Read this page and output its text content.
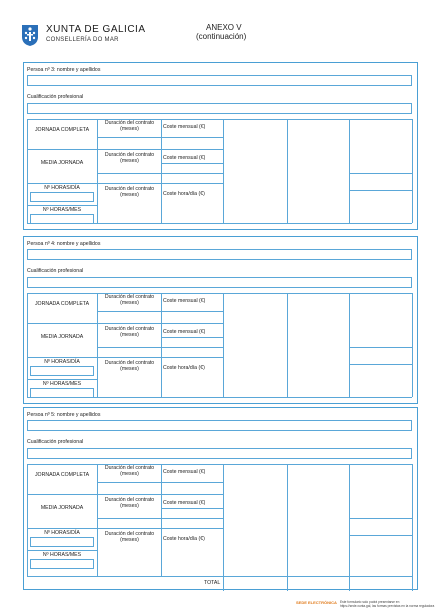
XUNTA DE GALICIA
CONSELLERÍA DO MAR
ANEXO V
(continuación)
Persoa nº 3: nombre y apellidos
Cualificación profesional
JORNADA COMPLETA
MEDIA JORNADA
Nº HORAS/DÍA
Nº HORAS/MES
Duración del contrato (meses)
Duración del contrato (meses)
Duración del contrato (meses)
Coste mensual (€)
Coste mensual (€)
Coste hora/día (€)
Persoa nº 4: nombre y apellidos
Cualificación profesional
JORNADA COMPLETA
MEDIA JORNADA
Nº HORAS/DÍA
Nº HORAS/MES
Duración del contrato (meses)
Duración del contrato (meses)
Duración del contrato (meses)
Coste mensual (€)
Coste mensual (€)
Coste hora/día (€)
Persoa nº 5: nombre y apellidos
Cualificación profesional
JORNADA COMPLETA
MEDIA JORNADA
Nº HORAS/DÍA
Nº HORAS/MES
Duración del contrato (meses)
Duración del contrato (meses)
Duración del contrato (meses)
Coste mensual (€)
Coste mensual (€)
Coste hora/día (€)
TOTAL
SEDE ELECTRÓNICA Este formulario solo podrá presentarse en
https://sede.xunta.gal, las formas previstas en la norma reguladora
